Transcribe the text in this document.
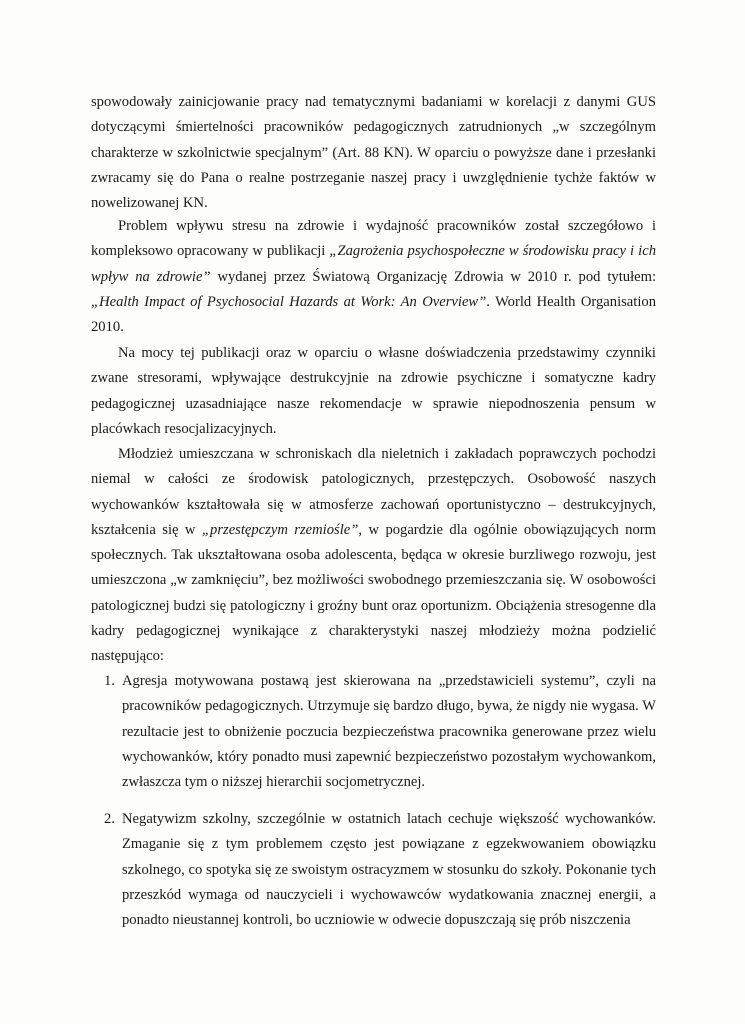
spowodowały zainicjowanie pracy nad tematycznymi badaniami w korelacji z danymi GUS dotyczącymi śmiertelności pracowników pedagogicznych zatrudnionych „w szczególnym charakterze w szkolnictwie specjalnym” (Art. 88 KN). W oparciu o powyższe dane i przesłanki zwracamy się do Pana o realne postrzeganie naszej pracy i uwzględnienie tychże faktów w nowelizowanej KN.

Problem wpływu stresu na zdrowie i wydajność pracowników został szczegółowo i kompleksowo opracowany w publikacji „Zagrożenia psychospołeczne w środowisku pracy i ich wpływ na zdrowie” wydanej przez Światową Organizację Zdrowia w 2010 r. pod tytułem: „Health Impact of Psychosocial Hazards at Work: An Overview”. World Health Organisation 2010.

Na mocy tej publikacji oraz w oparciu o własne doświadczenia przedstawimy czynniki zwane stresorami, wpływające destrukcyjnie na zdrowie psychiczne i somatyczne kadry pedagogicznej uzasadniające nasze rekomendacje w sprawie niepodnoszenia pensum w placówkach resocjalizacyjnych.

Młodzież umieszczana w schroniskach dla nieletnich i zakładach poprawczych pochodzi niemal w całości ze środowisk patologicznych, przestępczych. Osobowość naszych wychowanków kształtowała się w atmosferze zachowań oportunistyczno – destrukcyjnych, kształcenia się w „przestępczym rzemiośle”, w pogardzie dla ogólnie obowiązujących norm społecznych. Tak ukształtowana osoba adolescenta, będąca w okresie burzliwego rozwoju, jest umieszczona „w zamknięciu”, bez możliwości swobodnego przemieszczania się. W osobowości patologicznej budzi się patologiczny i groźny bunt oraz oportunizm. Obciążenia stresogenne dla kadry pedagogicznej wynikające z charakterystyki naszej młodzieży można podzielić następująco:

1. Agresja motywowana postawą jest skierowana na „przedstawicieli systemu”, czyli na pracowników pedagogicznych. Utrzymuje się bardzo długo, bywa, że nigdy nie wygasa. W rezultacie jest to obniżenie poczucia bezpieczeństwa pracownika generowane przez wielu wychowanków, który ponadto musi zapewnić bezpieczeństwo pozostałym wychowankom, zwłaszcza tym o niższej hierarchii socjometrycznej.
2. Negatywizm szkolny, szczególnie w ostatnich latach cechuje większość wychowanków. Zmaganie się z tym problemem często jest powiązane z egzekwowaniem obowiązku szkolnego, co spotyka się ze swoistym ostracyzmem w stosunku do szkoły. Pokonanie tych przeszkód wymaga od nauczycieli i wychowawców wydatkowania znacznej energii, a ponadto nieustannej kontroli, bo uczniowie w odwecie dopuszczają się prób niszczenia
